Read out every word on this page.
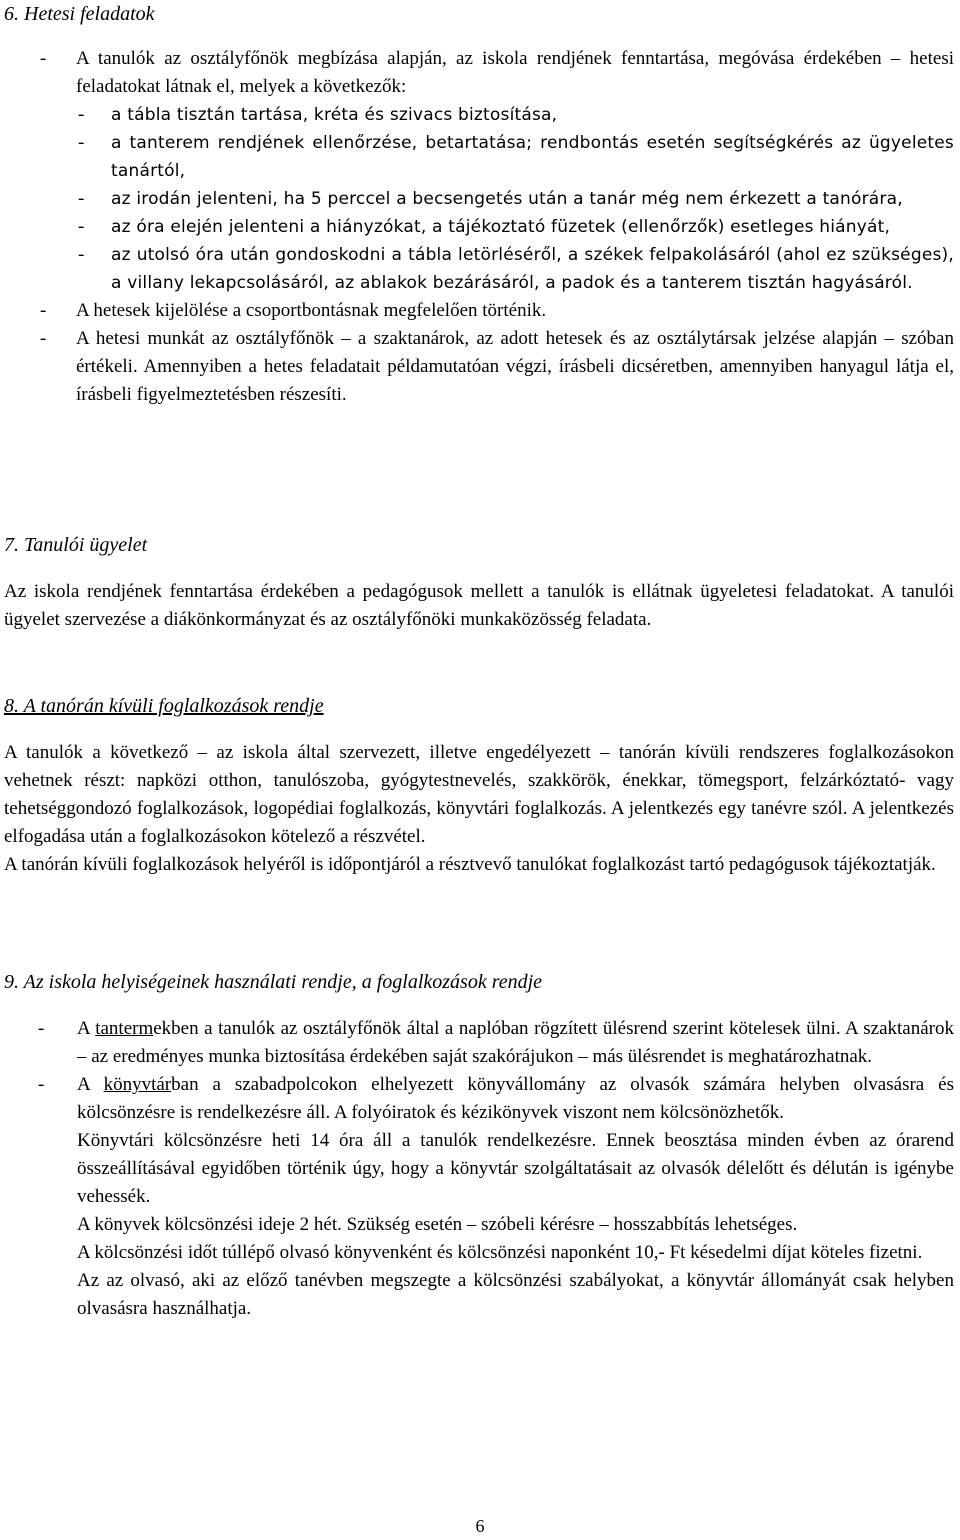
6. Hetesi feladatok

- A tanulók az osztályfőnök megbízása alapján, az iskola rendjének fenntartása, megóvása érdekében – hetesi feladatokat látnak el, melyek a következők:

- a tábla tisztán tartása, kréta és szivacs biztosítása,

- a tanterem rendjének ellenőrzése, betartatása; rendbontás esetén segítségkérés az ügyeletes tanártól,

- az irodán jelenteni, ha 5 perccel a becsengetés után a tanár még nem érkezett a tanórára,

- az óra elején jelenteni a hiányzókat, a tájékoztató füzetek (ellenőrzők) esetleges hiányát,

- az utolsó óra után gondoskodni a tábla letörléséről, a székek felpakolásáról (ahol ez szükséges), a villany lekapcsolásáról, az ablakok bezárásáról, a padok és a tanterem tisztán hagyásáról.

- A hetesek kijelölése a csoportbontásnak megfelelően történik.

- A hetesi munkát az osztályfőnök – a szaktanárok, az adott hetesek és az osztálytársak jelzése alapján – szóban értékeli. Amennyiben a hetes feladatait példamutatóan végzi, írásbeli dicséretben, amennyiben hanyagul látja el, írásbeli figyelmeztetésben részesíti.

7. Tanulói ügyelet

Az iskola rendjének fenntartása érdekében a pedagógusok mellett a tanulók is ellátnak ügyeletesi feladatokat. A tanulói ügyelet szervezése a diákönkormányzat és az osztályfőnöki munkaközösség feladata.

8. A tanórán kívüli foglalkozások rendje

A tanulók a következő – az iskola által szervezett, illetve engedélyezett – tanórán kívüli rendszeres foglalkozásokon vehetnek részt: napközi otthon, tanulószoba, gyógytestnevelés, szakkörök, énekkar, tömegsport, felzárkóztató- vagy tehetséggondozó foglalkozások, logopédiai foglalkozás, könyvtári foglalkozás. A jelentkezés egy tanévre szól. A jelentkezés elfogadása után a foglalkozásokon kötelező a részvétel.

A tanórán kívüli foglalkozások helyéről is időpontjáról a résztvevő tanulókat foglalkozást tartó pedagógusok tájékoztatják.

9. Az iskola helyiségeinek használati rendje, a foglalkozások rendje

- A tantermekben a tanulók az osztályfőnök által a naplóban rögzített ülésrend szerint kötelesek ülni. A szaktanárok – az eredményes munka biztosítása érdekében saját szakórájukon – más ülésrendet is meghatározhatnak.

- A könyvtárban a szabadpolcokon elhelyezett könyvállomány az olvasók számára helyben olvasásra és kölcsönzésre is rendelkezésre áll. A folyóiratok és kézikönyvek viszont nem kölcsönözhetők.

Könyvtári kölcsönzésre heti 14 óra áll a tanulók rendelkezésre. Ennek beosztása minden évben az órarend összeállításával egyidőben történik úgy, hogy a könyvtár szolgáltatásait az olvasók délelőtt és délután is igénybe vehessék.

A könyvek kölcsönzési ideje 2 hét. Szükség esetén – szóbeli kérésre – hosszabbítás lehetséges.

A kölcsönzési időt túllépő olvasó könyvenként és kölcsönzési naponként 10,- Ft késedelmi díjat köteles fizetni.

Az az olvasó, aki az előző tanévben megszegte a kölcsönzési szabályokat, a könyvtár állományát csak helyben olvasásra használhatja.

6
